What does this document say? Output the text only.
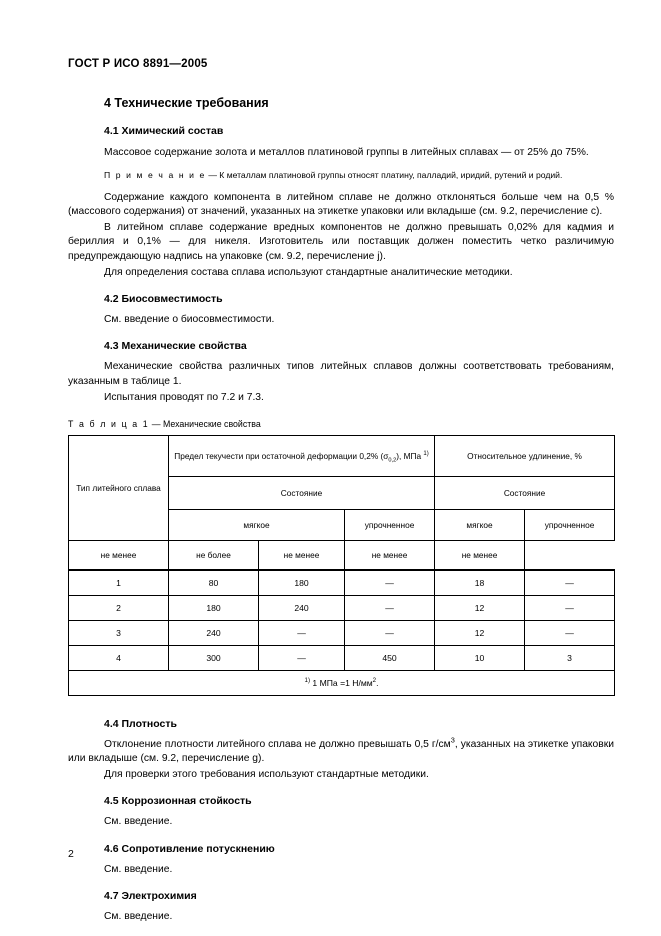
ГОСТ Р ИСО 8891—2005
4 Технические требования
4.1 Химический состав

Массовое содержание золота и металлов платиновой группы в литейных сплавах — от 25% до 75%.

П р и м е ч а н и е — К металлам платиновой группы относят платину, палладий, иридий, рутений и родий.

Содержание каждого компонента в литейном сплаве не должно отклоняться больше чем на 0,5 % (массового содержания) от значений, указанных на этикетке упаковки или вкладыше (см. 9.2, перечисление с).

В литейном сплаве содержание вредных компонентов не должно превышать 0,02% для кадмия и бериллия и 0,1% — для никеля. Изготовитель или поставщик должен поместить четко различимую предупреждающую надпись на упаковке (см. 9.2, перечисление j).

Для определения состава сплава используют стандартные аналитические методики.

4.2 Биосовместимость

См. введение о биосовместимости.

4.3 Механические свойства

Механические свойства различных типов литейных сплавов должны соответствовать требованиям, указанным в таблице 1.

Испытания проводят по 7.2 и 7.3.

Т а б л и ц а 1 — Механические свойства
Тип литейного сплава	Предел текучести при остаточной деформации 0,2% $(\sigma_{0,2})$, МПа $^{1)}$			Относительное удлинение, %	
	Состояние			Состояние	
	мягкое		упрочненное	мягкое	упрочненное
не менее	не более	не менее	не менее	не менее	
1	80	180	—	18	—
2	180	240	—	12	—
3	240	—	—	12	—
4	300	—	450	10	3
$^{1)}$ 1 МПа =1 $Н/мм^2$.					
4.4 Плотность

Отклонение плотности литейного сплава не должно превышать 0,5 $г/см^3$, указанных на этикетке упаковки или вкладыше (см. 9.2, перечисление g).

Для проверки этого требования используют стандартные методики.

4.5 Коррозионная стойкость

См. введение.

4.6 Сопротивление потускнению

См. введение.

4.7 Электрохимия

См. введение.

2
